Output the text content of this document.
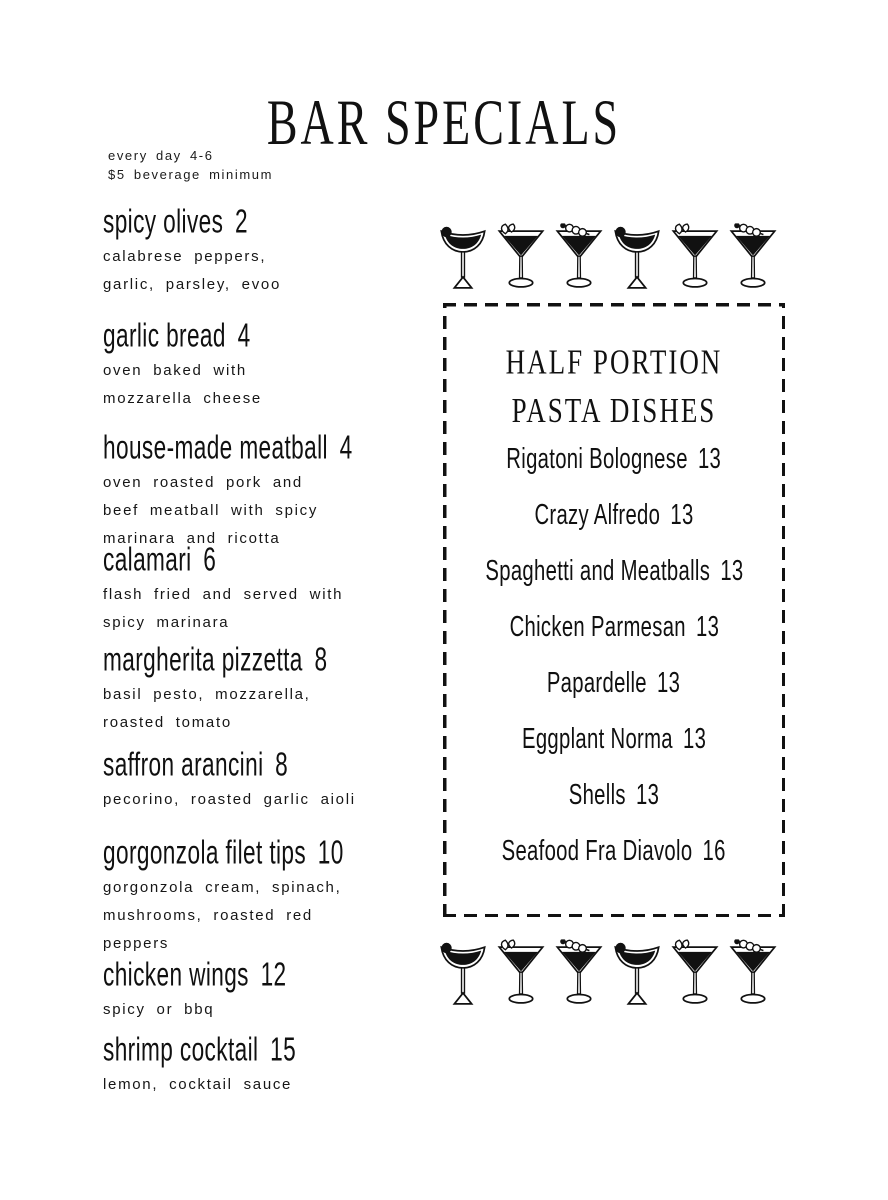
BAR SPECIALS
every day 4-6
$5 beverage minimum
spicy olives 2
calabrese peppers,
garlic, parsley, evoo
garlic bread 4
oven baked with
mozzarella cheese
house-made meatball 4
oven roasted pork and
beef meatball with spicy
marinara and ricotta
calamari 6
flash fried and served with
spicy marinara
margherita pizzetta 8
basil pesto, mozzarella,
roasted tomato
saffron arancini 8
pecorino, roasted garlic aioli
gorgonzola filet tips 10
gorgonzola cream, spinach,
mushrooms, roasted red
peppers
chicken wings 12
spicy or bbq
shrimp cocktail 15
lemon, cocktail sauce
HALF PORTION
PASTA DISHES
Rigatoni Bolognese 13
Crazy Alfredo 13
Spaghetti and Meatballs 13
Chicken Parmesan 13
Papardelle 13
Eggplant Norma 13
Shells 13
Seafood Fra Diavolo 16
